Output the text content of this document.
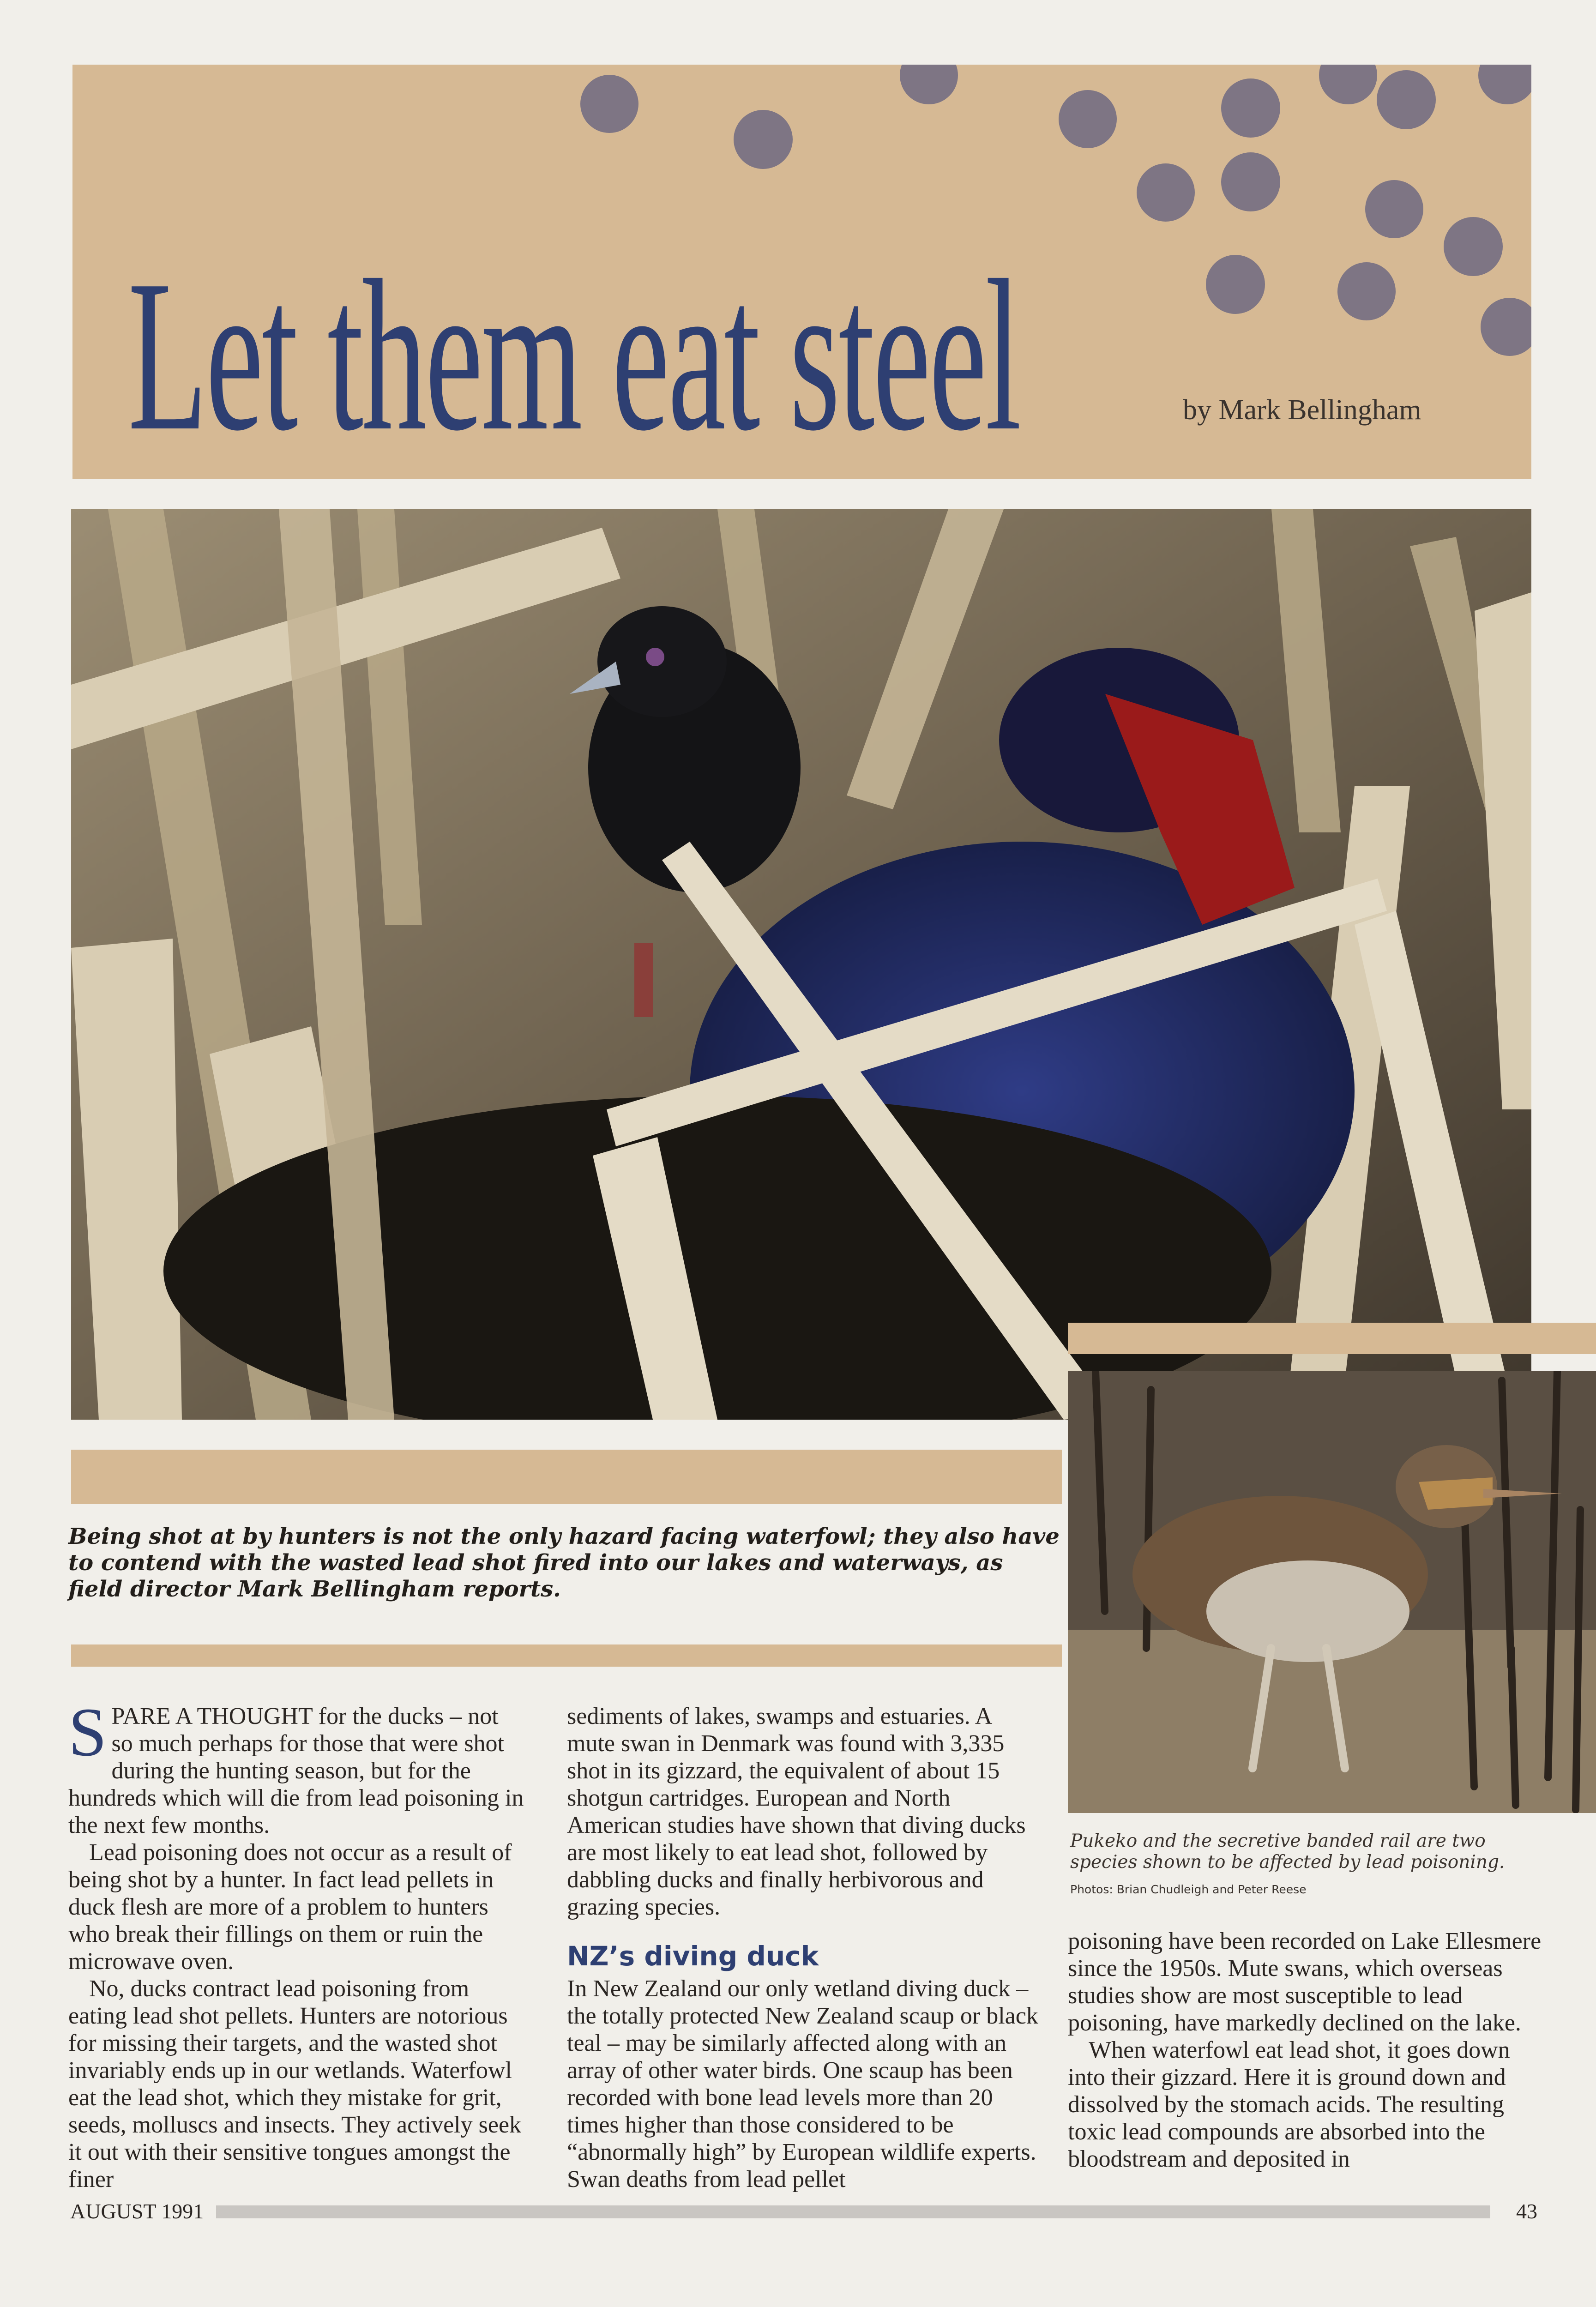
Let them eat steel	by Mark Bellingham
Being shot at by hunters is not the only hazard facing waterfowl; they also have to contend with the wasted lead shot fired into our lakes and waterways, as field director Mark Bellingham reports.

SPARE A THOUGHT for the ducks – not so much perhaps for those that were shot during the hunting season, but for the hundreds which will die from lead poisoning in the next few months.

Lead poisoning does not occur as a result of being shot by a hunter. In fact lead pellets in duck flesh are more of a problem to hunters who break their fillings on them or ruin the microwave oven.

No, ducks contract lead poisoning from eating lead shot pellets. Hunters are notorious for missing their targets, and the wasted shot invariably ends up in our wetlands. Waterfowl eat the lead shot, which they mistake for grit, seeds, molluscs and insects. They actively seek it out with their sensitive tongues amongst the finer

sediments of lakes, swamps and estuaries. A mute swan in Denmark was found with 3,335 shot in its gizzard, the equivalent of about 15 shotgun cartridges. European and North American studies have shown that diving ducks are most likely to eat lead shot, followed by dabbling ducks and finally herbivorous and grazing species.

NZ’s diving duck

In New Zealand our only wetland diving duck – the totally protected New Zealand scaup or black teal – may be similarly affected along with an array of other water birds. One scaup has been recorded with bone lead levels more than 20 times higher than those considered to be “abnormally high” by European wildlife experts. Swan deaths from lead pellet

Pukeko and the secretive banded rail are two species shown to be affected by lead poisoning.
Photos: Brian Chudleigh and Peter Reese

poisoning have been recorded on Lake Ellesmere since the 1950s. Mute swans, which overseas studies show are most susceptible to lead poisoning, have markedly declined on the lake.

When waterfowl eat lead shot, it goes down into their gizzard. Here it is ground down and dissolved by the stomach acids. The resulting toxic lead compounds are absorbed into the bloodstream and deposited in

AUGUST 1991	43
